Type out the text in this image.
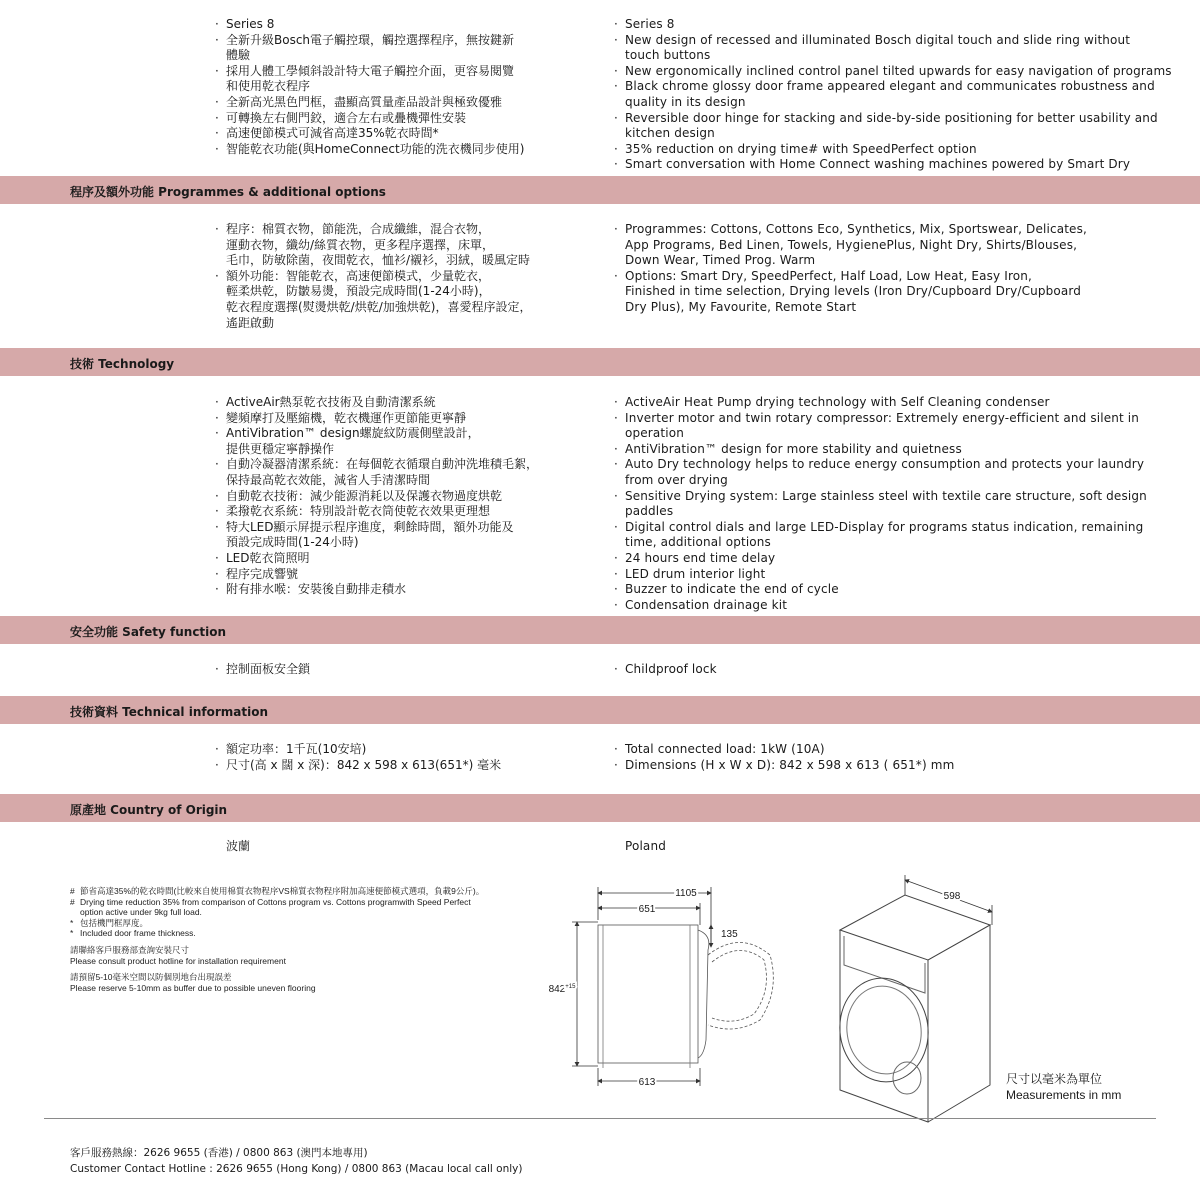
· Series 8
· 全新升級Bosch電子觸控環，觸控選擇程序，無按鍵新
體驗
· 採用人體工學傾斜設計特大電子觸控介面，更容易閱覽
和使用乾衣程序
· 全新高光黑色門框，盡顯高質量產品設計與極致優雅
· 可轉換左右側門鉸，適合左右或疊機彈性安裝
· 高速便節模式可減省高達35%乾衣時間*
· 智能乾衣功能(與HomeConnect功能的洗衣機同步使用)
· Series 8
· New design of recessed and illuminated Bosch digital touch and slide ring without
touch buttons
· New ergonomically inclined control panel tilted upwards for easy navigation of programs
· Black chrome glossy door frame appeared elegant and communicates robustness and
quality in its design
· Reversible door hinge for stacking and side-by-side positioning for better usability and
kitchen design
· 35% reduction on drying time# with SpeedPerfect option
· Smart conversation with Home Connect washing machines powered by Smart Dry
程序及額外功能 Programmes & additional options
· 程序：棉質衣物，節能洗，合成纖維，混合衣物，
運動衣物，纖幼/絲質衣物，更多程序選擇，床單，
毛巾，防敏除菌，夜間乾衣，恤衫/襯衫，羽絨，暖風定時
· 額外功能：智能乾衣，高速便節模式，少量乾衣，
輕柔烘乾，防皺易燙，預設完成時間(1-24小時)，
乾衣程度選擇(熨燙烘乾/烘乾/加強烘乾)，喜愛程序設定，
遙距啟動
· Programmes: Cottons, Cottons Eco, Synthetics, Mix, Sportswear, Delicates,
App Programs, Bed Linen, Towels, HygienePlus, Night Dry, Shirts/Blouses,
Down Wear, Timed Prog. Warm
· Options: Smart Dry, SpeedPerfect, Half Load, Low Heat, Easy Iron,
Finished in time selection, Drying levels (Iron Dry/Cupboard Dry/Cupboard
Dry Plus), My Favourite, Remote Start
技術 Technology
· ActiveAir熱泵乾衣技術及自動清潔系統
· 變頻摩打及壓縮機，乾衣機運作更節能更寧靜
· AntiVibration™ design螺旋紋防震側壁設計，
提供更穩定寧靜操作
· 自動冷凝器清潔系統：在每個乾衣循環自動沖洗堆積毛絮，
保持最高乾衣效能，減省人手清潔時間
· 自動乾衣技術：減少能源消耗以及保護衣物過度烘乾
· 柔撥乾衣系統：特別設計乾衣筒使乾衣效果更理想
· 特大LED顯示屏提示程序進度，剩餘時間，額外功能及
預設完成時間(1-24小時)
· LED乾衣筒照明
· 程序完成響號
· 附有排水喉：安裝後自動排走積水
· ActiveAir Heat Pump drying technology with Self Cleaning condenser
· Inverter motor and twin rotary compressor: Extremely energy-efficient and silent in operation
· AntiVibration™ design for more stability and quietness
· Auto Dry technology helps to reduce energy consumption and protects your laundry
from over drying
· Sensitive Drying system: Large stainless steel with textile care structure, soft design paddles
· Digital control dials and large LED-Display for programs status indication, remaining
time, additional options
· 24 hours end time delay
· LED drum interior light
· Buzzer to indicate the end of cycle
· Condensation drainage kit
安全功能 Safety function
· 控制面板安全鎖	· Childproof lock
技術資料 Technical information
· 額定功率：1千瓦(10安培)
· 尺寸(高 x 闊 x 深)：842 x 598 x 613(651*) 毫米
· Total connected load: 1kW (10A)
· Dimensions (H x W x D): 842 x 598 x 613 ( 651*) mm
原產地 Country of Origin
波蘭	Poland
# 節省高達35%的乾衣時間(比較來自使用棉質衣物程序VS棉質衣物程序附加高速便節模式選項，負載9公斤)。
# Drying time reduction 35% from comparison of Cottons program vs. Cottons programwith Speed Perfect
option active under 9kg full load.
* 包括機門框厚度。
* Included door frame thickness.
請聯絡客戶服務部查詢安裝尺寸
Please consult product hotline for installation requirement
請預留5-10毫米空間以防個別地台出現誤差
Please reserve 5-10mm as buffer due to possible uneven flooring
1105
651
135
$842^{+15}$
613
598
尺寸以毫米為單位
Measurements in mm
客戶服務熱線：2626 9655 (香港) / 0800 863 (澳門本地專用)
Customer Contact Hotline : 2626 9655 (Hong Kong) / 0800 863 (Macau local call only)
